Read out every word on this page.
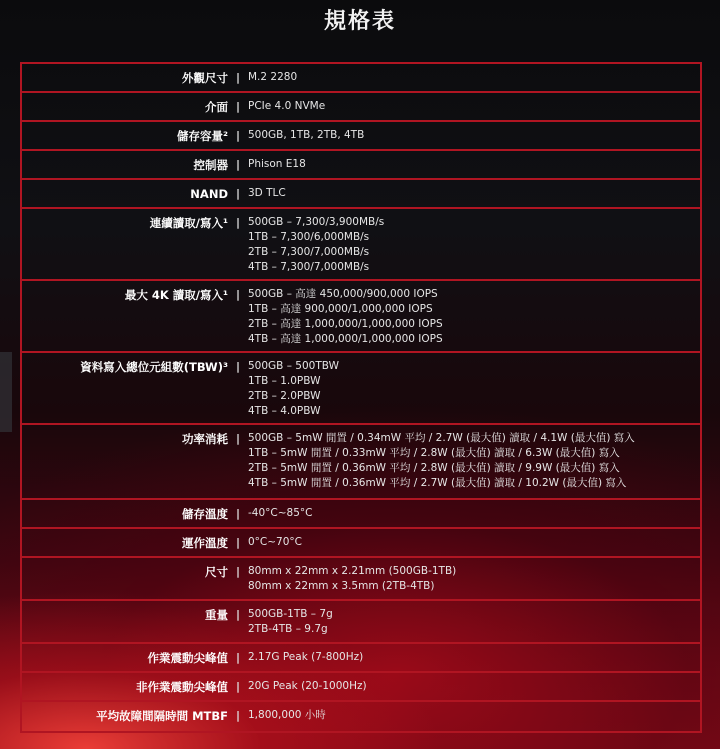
規格表
外觀尺寸 | M.2 2280
介面 | PCIe 4.0 NVMe
儲存容量² | 500GB, 1TB, 2TB, 4TB
控制器 | Phison E18
NAND | 3D TLC
連續讀取/寫入¹ | 500GB – 7,300/3,900MB/s
1TB – 7,300/6,000MB/s
2TB – 7,300/7,000MB/s
4TB – 7,300/7,000MB/s
最大 4K 讀取/寫入¹ | 500GB – 高達 450,000/900,000 IOPS
1TB – 高達 900,000/1,000,000 IOPS
2TB – 高達 1,000,000/1,000,000 IOPS
4TB – 高達 1,000,000/1,000,000 IOPS
資料寫入總位元組數(TBW)³ | 500GB – 500TBW
1TB – 1.0PBW
2TB – 2.0PBW
4TB – 4.0PBW
功率消耗 | 500GB – 5mW 閒置 / 0.34mW 平均 / 2.7W (最大值) 讀取 / 4.1W (最大值) 寫入
1TB – 5mW 閒置 / 0.33mW 平均 / 2.8W (最大值) 讀取 / 6.3W (最大值) 寫入
2TB – 5mW 閒置 / 0.36mW 平均 / 2.8W (最大值) 讀取 / 9.9W (最大值) 寫入
4TB – 5mW 閒置 / 0.36mW 平均 / 2.7W (最大值) 讀取 / 10.2W (最大值) 寫入
儲存溫度 | -40°C~85°C
運作溫度 | 0°C~70°C
尺寸 | 80mm x 22mm x 2.21mm (500GB-1TB)
80mm x 22mm x 3.5mm (2TB-4TB)
重量 | 500GB-1TB – 7g
2TB-4TB – 9.7g
作業震動尖峰值 | 2.17G Peak (7-800Hz)
非作業震動尖峰值 | 20G Peak (20-1000Hz)
平均故障間隔時間 MTBF | 1,800,000 小時
